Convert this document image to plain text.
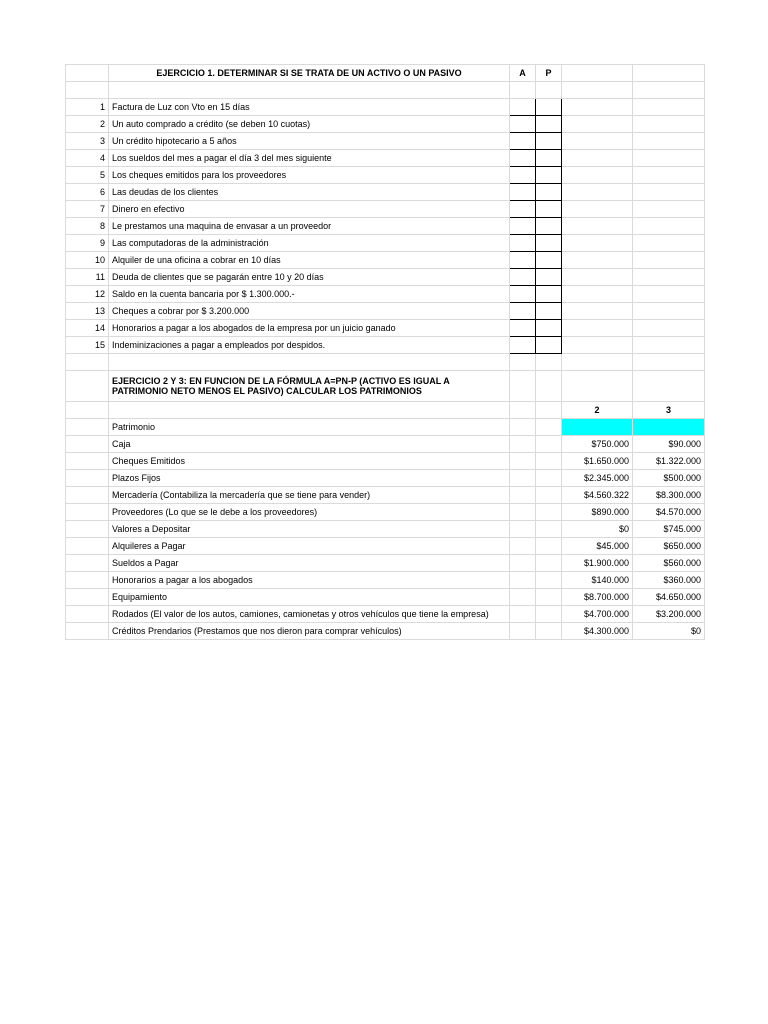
	EJERCICIO 1. DETERMINAR SI SE TRATA DE UN ACTIVO O UN PASIVO	A	P		

1	Factura de Luz con Vto en 15 días				
2	Un auto comprado a crédito (se deben 10 cuotas)				
3	Un crédito hipotecario a 5 años				
4	Los sueldos del mes a pagar el día 3 del mes siguiente				
5	Los cheques emitidos para los proveedores				
6	Las deudas de los clientes				
7	Dinero en efectivo				
8	Le prestamos una maquina de envasar a un proveedor				
9	Las computadoras de la administración				
10	Alquiler de una oficina a cobrar en 10 días				
11	Deuda de clientes que se pagarán entre 10 y 20 días				
12	Saldo en la cuenta bancaria por $ 1.300.000.-				
13	Cheques a cobrar por $ 3.200.000				
14	Honorarios a pagar a los abogados de la empresa por un juicio ganado				
15	Indeminizaciones a pagar a empleados por despidos.				

	EJERCICIO 2 Y 3: EN FUNCION DE LA FÓRMULA A=PN-P (ACTIVO ES IGUAL A PATRIMONIO NETO MENOS EL PASIVO) CALCULAR LOS PATRIMONIOS				
				2	3
	Patrimonio				
	Caja			$750.000	$90.000
	Cheques Emitidos			$1.650.000	$1.322.000
	Plazos Fijos			$2.345.000	$500.000
	Mercadería (Contabiliza la mercadería que se tiene para vender)			$4.560.322	$8.300.000
	Proveedores (Lo que se le debe a los proveedores)			$890.000	$4.570.000
	Valores a Depositar			$0	$745.000
	Alquileres a Pagar			$45.000	$650.000
	Sueldos a Pagar			$1.900.000	$560.000
	Honorarios a pagar a los abogados			$140.000	$360.000
	Equipamiento			$8.700.000	$4.650.000
	Rodados (El valor de los autos, camiones, camionetas y otros vehículos que tiene la empresa)			$4.700.000	$3.200.000
	Créditos Prendarios (Prestamos que nos dieron para comprar vehículos)			$4.300.000	$0
